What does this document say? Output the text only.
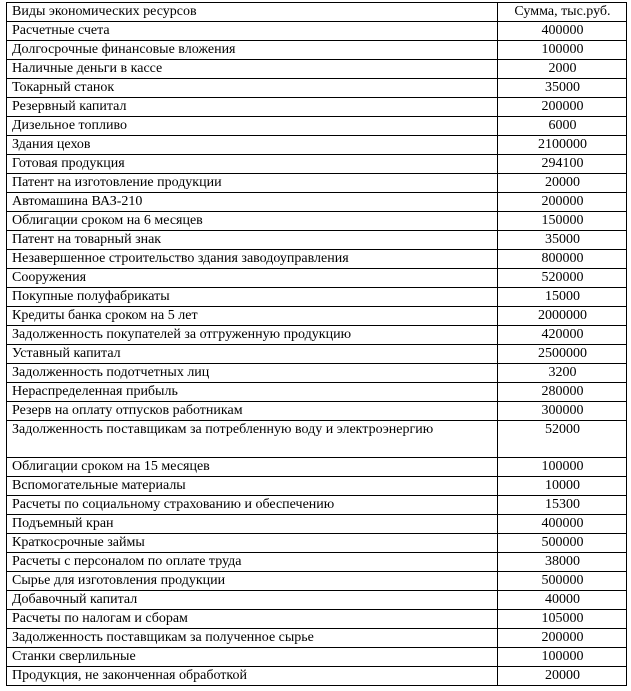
Виды экономических ресурсов	Сумма, тыс.руб.
Расчетные счета	400000
Долгосрочные финансовые вложения	100000
Наличные деньги в кассе	2000
Токарный станок	35000
Резервный капитал	200000
Дизельное топливо	6000
Здания цехов	2100000
Готовая продукция	294100
Патент на изготовление продукции	20000
Автомашина ВАЗ-210	200000
Облигации сроком на 6 месяцев	150000
Патент на товарный знак	35000
Незавершенное строительство здания заводоуправления	800000
Сооружения	520000
Покупные полуфабрикаты	15000
Кредиты банка сроком на 5 лет	2000000
Задолженность покупателей за отгруженную продукцию	420000
Уставный капитал	2500000
Задолженность подотчетных лиц	3200
Нераспределенная прибыль	280000
Резерв на оплату отпусков работникам	300000
Задолженность поставщикам за потребленную воду и электроэнергию	52000
Облигации сроком на 15 месяцев	100000
Вспомогательные материалы	10000
Расчеты по социальному страхованию и обеспечению	15300
Подъемный кран	400000
Краткосрочные займы	500000
Расчеты с персоналом по оплате труда	38000
Сырье для изготовления продукции	500000
Добавочный капитал	40000
Расчеты по налогам и сборам	105000
Задолженность поставщикам за полученное сырье	200000
Станки сверлильные	100000
Продукция, не законченная обработкой	20000
